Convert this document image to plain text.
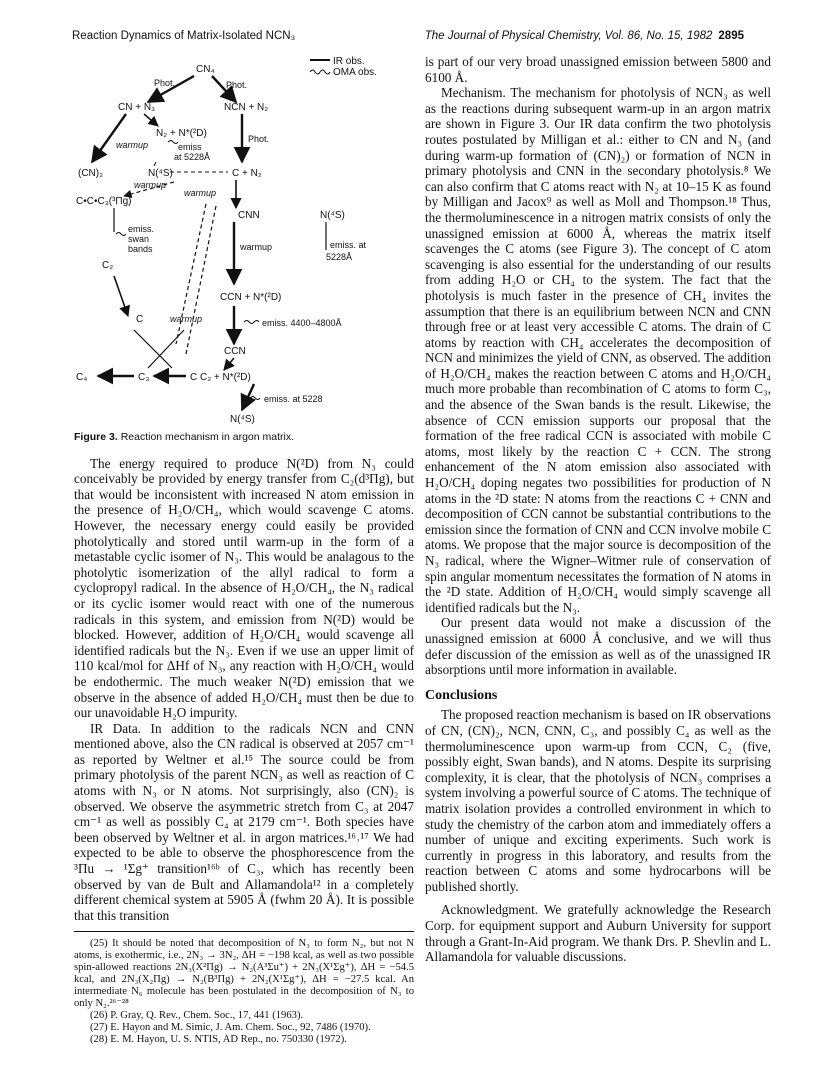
Reaction Dynamics of Matrix-Isolated NCN₃	The Journal of Physical Chemistry, Vol. 86, No. 15, 1982 2895
IR obs.
OMA obs.
CN₄
Phot.	Phot.
CN + N₃	NCN + N₂
N₂ + N*(²D)
emiss
at 5228Å
warmup
(CN)₂	N(⁴S)
Phot.
C + N₂
warmup
C•C•C₃(³Πg)
warmup
CNN	N(⁴S)
emiss.
swan
bands
C₂
warmup	emiss. at
5228Å
CCN + N*(²D)
C	warmup	emiss. 4400–4800Å
CCN
C₄	C₃	C C₂ + N*(²D)
emiss. at 5228
N(⁴S)
Figure 3. Reaction mechanism in argon matrix.

The energy required to produce N(²D) from N₃ could conceivably be provided by energy transfer from C₂(d³Πg), but that would be inconsistent with increased N atom emission in the presence of H₂O/CH₄, which would scavenge C atoms. However, the necessary energy could easily be provided photolytically and stored until warm-up in the form of a metastable cyclic isomer of N₃. This would be analagous to the photolytic isomerization of the allyl radical to form a cyclopropyl radical. In the absence of H₂O/CH₄, the N₃ radical or its cyclic isomer would react with one of the numerous radicals in this system, and emission from N(²D) would be blocked. However, addition of H₂O/CH₄ would scavenge all identified radicals but the N₃. Even if we use an upper limit of 110 kcal/mol for ΔHf of N₃, any reaction with H₂O/CH₄ would be endothermic. The much weaker N(²D) emission that we observe in the absence of added H₂O/CH₄ must then be due to our unavoidable H₂O impurity.

IR Data. In addition to the radicals NCN and CNN mentioned above, also the CN radical is observed at 2057 cm⁻¹ as reported by Weltner et al.¹⁵ The source could be from primary photolysis of the parent NCN₃ as well as reaction of C atoms with N₃ or N atoms. Not surprisingly, also (CN)₂ is observed. We observe the asymmetric stretch from C₃ at 2047 cm⁻¹ as well as possibly C₄ at 2179 cm⁻¹. Both species have been observed by Weltner et al. in argon matrices.¹⁶˒¹⁷ We had expected to be able to observe the phosphorescence from the ³Πu → ¹Σg⁺ transition¹⁶ᵇ of C₃, which has recently been observed by van de Bult and Allamandola¹² in a completely different chemical system at 5905 Å (fwhm 20 Å). It is possible that this transition

(25) It should be noted that decomposition of N₃ to form N₂, but not N atoms, is exothermic, i.e., 2N₃ → 3N₂, ΔH = −198 kcal, as well as two possible spin-allowed reactions 2N₃(X²Πg) → N₂(A³Σu⁺) + 2N₃(X¹Σg⁺), ΔH = −54.5 kcal, and 2N₃(X₂Πg) → N₂(B³Πg) + 2N₂(X¹Σg⁺), ΔH = −27.5 kcal. An intermediate N₆ molecule has been postulated in the decomposition of N₃ to only N₂.²⁶⁻²⁸

(26) P. Gray, Q. Rev., Chem. Soc., 17, 441 (1963).

(27) E. Hayon and M. Simic, J. Am. Chem. Soc., 92, 7486 (1970).

(28) E. M. Hayon, U. S. NTIS, AD Rep., no. 750330 (1972).

is part of our very broad unassigned emission between 5800 and 6100 Å.

Mechanism. The mechanism for photolysis of NCN₃ as well as the reactions during subsequent warm-up in an argon matrix are shown in Figure 3. Our IR data confirm the two photolysis routes postulated by Milligan et al.: either to CN and N₃ (and during warm-up formation of (CN)₂) or formation of NCN in primary photolysis and CNN in the secondary photolysis.⁸ We can also confirm that C atoms react with N₂ at 10–15 K as found by Milligan and Jacox⁹ as well as Moll and Thompson.¹⁸ Thus, the thermoluminescence in a nitrogen matrix consists of only the unassigned emission at 6000 Å, whereas the matrix itself scavenges the C atoms (see Figure 3). The concept of C atom scavenging is also essential for the understanding of our results from adding H₂O or CH₄ to the system. The fact that the photolysis is much faster in the presence of CH₄ invites the assumption that there is an equilibrium between NCN and CNN through free or at least very accessible C atoms. The drain of C atoms by reaction with CH₄ accelerates the decomposition of NCN and minimizes the yield of CNN, as observed. The addition of H₂O/CH₄ makes the reaction between C atoms and H₂O/CH₄ much more probable than recombination of C atoms to form C₃, and the absence of the Swan bands is the result. Likewise, the absence of CCN emission supports our proposal that the formation of the free radical CCN is associated with mobile C atoms, most likely by the reaction C + CCN. The strong enhancement of the N atom emission also associated with H₂O/CH₄ doping negates two possibilities for production of N atoms in the ²D state: N atoms from the reactions C + CNN and decomposition of CCN cannot be substantial contributions to the emission since the formation of CNN and CCN involve mobile C atoms. We propose that the major source is decomposition of the N₃ radical, where the Wigner–Witmer rule of conservation of spin angular momentum necessitates the formation of N atoms in the ²D state. Addition of H₂O/CH₄ would simply scavenge all identified radicals but the N₃.

Our present data would not make a discussion of the unassigned emission at 6000 Å conclusive, and we will thus defer discussion of the emission as well as of the unassigned IR absorptions until more information in available.

Conclusions

The proposed reaction mechanism is based on IR observations of CN, (CN)₂, NCN, CNN, C₃, and possibly C₄ as well as the thermoluminescence upon warm-up from CCN, C₂ (five, possibly eight, Swan bands), and N atoms. Despite its surprising complexity, it is clear, that the photolysis of NCN₃ comprises a system involving a powerful source of C atoms. The technique of matrix isolation provides a controlled environment in which to study the chemistry of the carbon atom and immediately offers a number of unique and exciting experiments. Such work is currently in progress in this laboratory, and results from the reaction between C atoms and some hydrocarbons will be published shortly.

Acknowledgment. We gratefully acknowledge the Research Corp. for equipment support and Auburn University for support through a Grant-In-Aid program. We thank Drs. P. Shevlin and L. Allamandola for valuable discussions.
